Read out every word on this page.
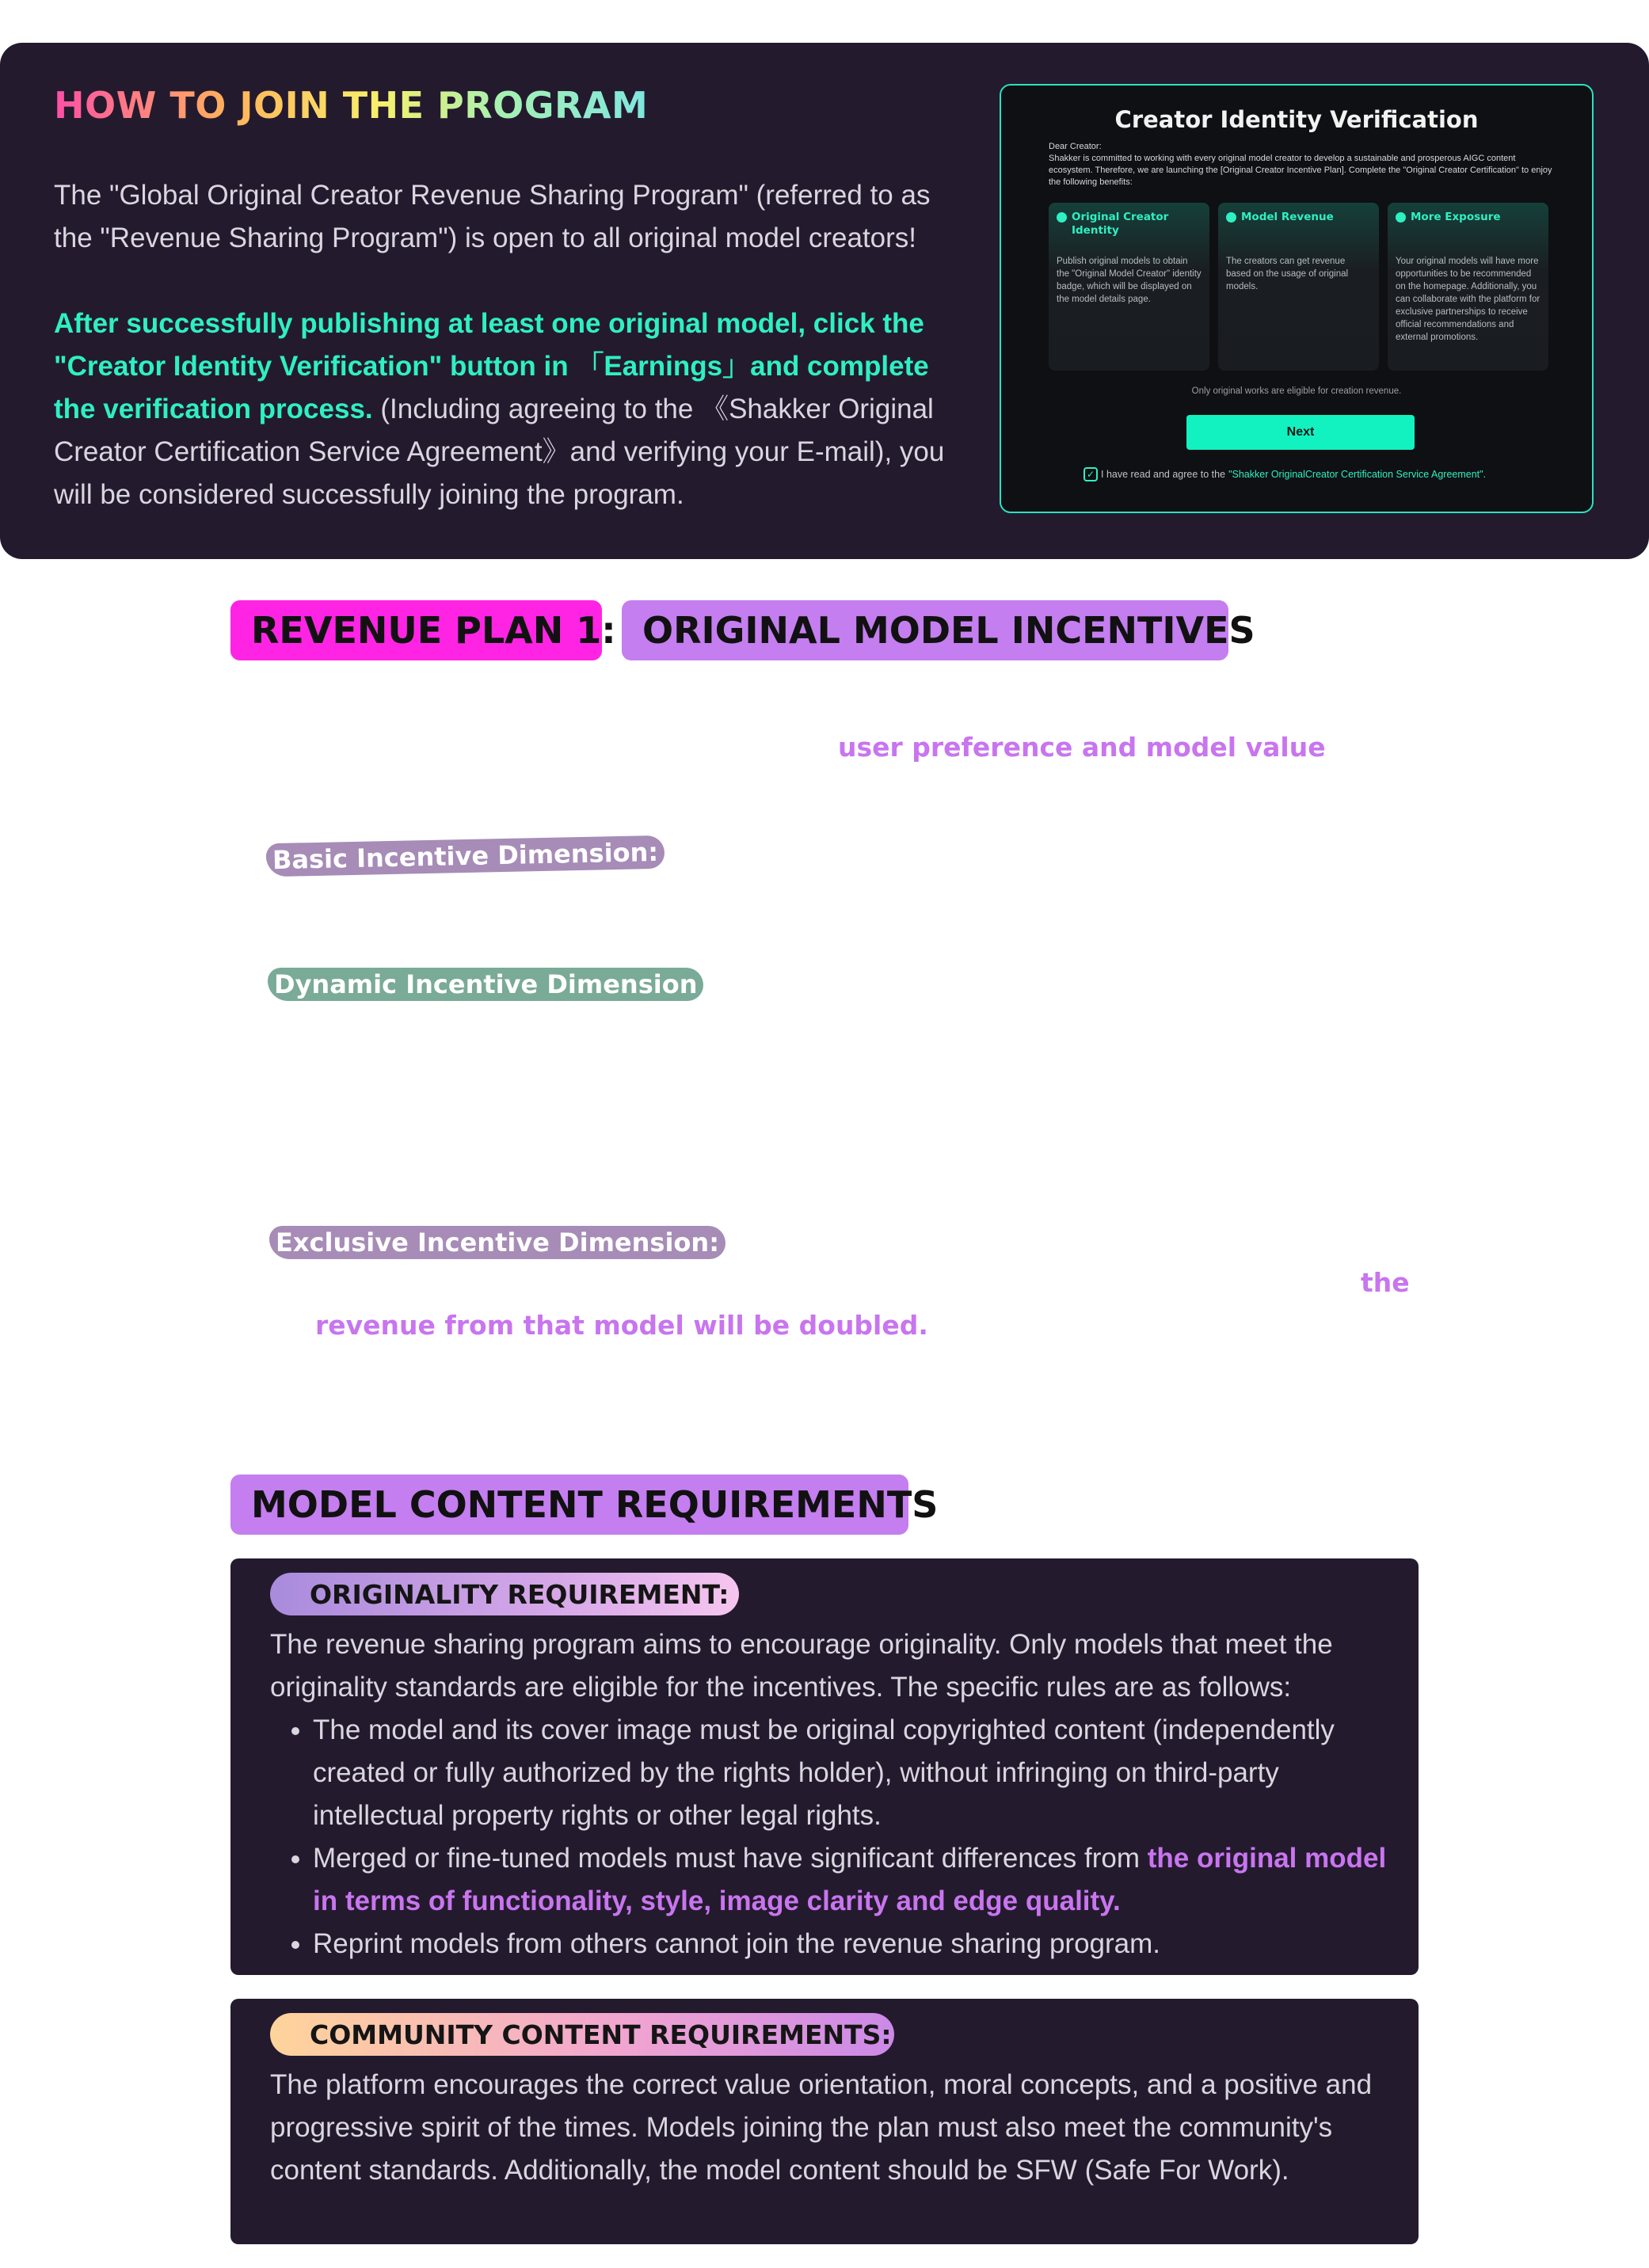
HOW TO JOIN THE PROGRAM
The "Global Original Creator Revenue Sharing Program" (referred to as the "Revenue Sharing Program") is open to all original model creators!
After successfully publishing at least one original model, click the "Creator Identity Verification" button in 「Earnings」and complete the verification process. (Including agreeing to the 《Shakker Original Creator Certification Service Agreement》and verifying your E-mail), you will be considered successfully joining the program.
Creator Identity Verification
Dear Creator:
Shakker is committed to working with every original model creator to develop a sustainable and prosperous AIGC content ecosystem. Therefore, we are launching the [Original Creator Incentive Plan]. Complete the "Original Creator Certification" to enjoy the following benefits:
Original Creator Identity
Publish original models to obtain the "Original Model Creator" identity badge, which will be displayed on the model details page.
Model Revenue
The creators can get revenue based on the usage of original models.
More Exposure
Your original models will have more opportunities to be recommended on the homepage. Additionally, you can collaborate with the platform for exclusive partnerships to receive official recommendations and external promotions.
Only original works are eligible for creation revenue.
Next
✓ I have read and agree to the "Shakker OriginalCreator Certification Service Agreement".
REVENUE PLAN 1: ORIGINAL MODEL INCENTIVES
user preference and model value
Basic Incentive Dimension:
Dynamic Incentive Dimension
Exclusive Incentive Dimension:
the
revenue from that model will be doubled.
MODEL CONTENT REQUIREMENTS
ORIGINALITY REQUIREMENT:
The revenue sharing program aims to encourage originality. Only models that meet the originality standards are eligible for the incentives. The specific rules are as follows:
• The model and its cover image must be original copyrighted content (independently created or fully authorized by the rights holder), without infringing on third-party intellectual property rights or other legal rights.
• Merged or fine-tuned models must have significant differences from the original model in terms of functionality, style, image clarity and edge quality.
• Reprint models from others cannot join the revenue sharing program.
COMMUNITY CONTENT REQUIREMENTS:
The platform encourages the correct value orientation, moral concepts, and a positive and progressive spirit of the times. Models joining the plan must also meet the community's content standards. Additionally, the model content should be SFW (Safe For Work).
